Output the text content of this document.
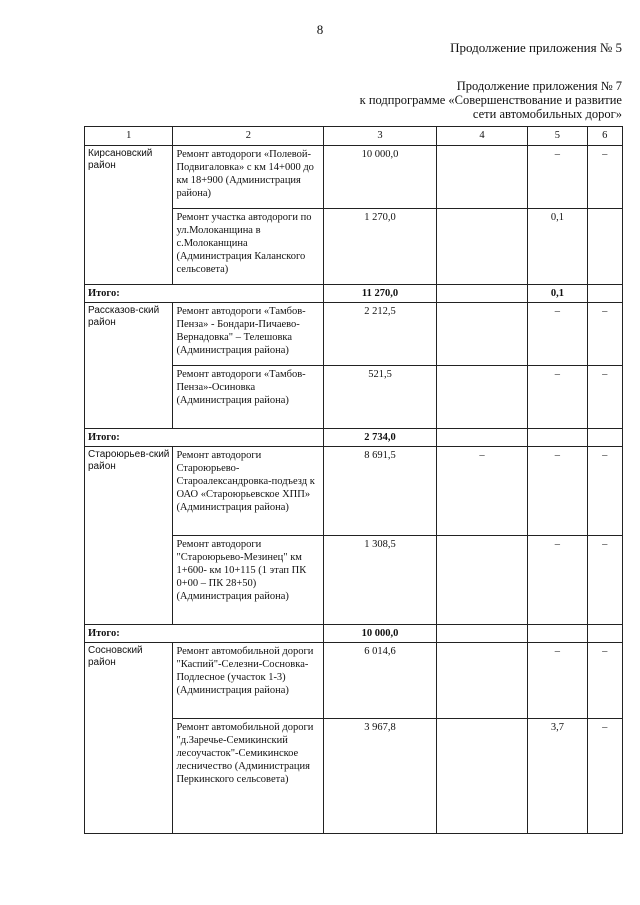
8
Продолжение приложения № 5
Продолжение приложения № 7
к подпрограмме «Совершенствование и развитие
сети автомобильных дорог»
1	2	3	4	5	6
Кирсановский район	Ремонт автодороги «Полевой-Подвигаловка» с км 14+000 до км 18+900 (Администрация района)	10 000,0		–	–
	Ремонт участка автодороги по ул.Молоканщина в с.Молоканщина (Администрация Каланского сельсовета)	1 270,0		0,1	
Итого:		11 270,0		0,1	
Рассказов-ский район	Ремонт автодороги «Тамбов-Пенза» - Бондари-Пичаево-Вернадовка" – Телешовка (Администрация района)	2 212,5		–	–
	Ремонт автодороги «Тамбов-Пенза»-Осиновка (Администрация района)	521,5		–	–
Итого:		2 734,0			
Староюрьев-ский район	Ремонт автодороги Староюрьево-Староалександровка-подъезд к ОАО «Староюрьевское ХПП» (Администрация района)	8 691,5	–	–	–
	Ремонт автодороги "Староюрьево-Мезинец" км 1+600- км 10+115 (1 этап ПК 0+00 – ПК 28+50) (Администрация района)	1 308,5		–	–
Итого:		10 000,0			
Сосновский район	Ремонт автомобильной дороги "Каспий"-Селезни-Сосновка-Подлесное (участок 1-3) (Администрация района)	6 014,6		–	–
	Ремонт автомобильной дороги "д.Заречье-Семикинский лесоучасток"-Семикинское лесничество (Администрация Перкинского сельсовета)	3 967,8		3,7	–
